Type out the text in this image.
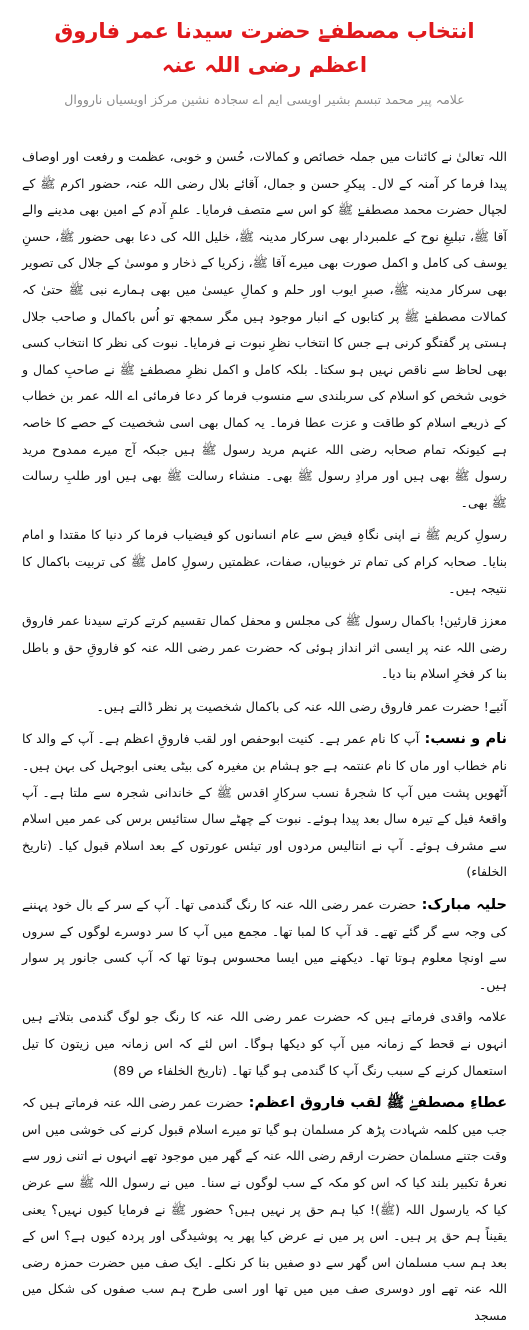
انتخاب مصطفےٰ حضرت سیدنا عمر فاروق اعظم رضی اللہ عنہ
علامہ پیر محمد تبسم بشیر اویسی ایم اے سجادہ نشین مرکز اویسیاں نارووال

اللہ تعالیٰ نے کائنات میں جملہ خصائص و کمالات، حُسن و خوبی، عظمت و رفعت اور اوصاف پیدا فرما کر آمنہ کے لال۔ پیکرِ حسن و جمال، آقائے بلال رضی اللہ عنہ، حضور اکرم ﷺ کے لجپال حضرت محمد مصطفےٰ ﷺ کو اس سے متصف فرمایا۔ علمِ آدم کے امین بھی مدینے والے آقا ﷺ، تبلیغِ نوح کے علمبردار بھی سرکار مدینہ ﷺ، خلیل اللہ کی دعا بھی حضور ﷺ، حسنِ یوسف کی کامل و اکمل صورت بھی میرے آقا ﷺ، زکریا کے ذخار و موسیٰ کے جلال کی تصویر بھی سرکار مدینہ ﷺ، صبرِ ایوب اور حلم و کمالِ عیسیٰ میں بھی ہمارے نبی ﷺ حتیٰ کہ کمالات مصطفےٰ ﷺ پر کتابوں کے انبار موجود ہیں مگر سمجھ تو اُس باکمال و صاحب جلال ہستی پر گفتگو کرنی ہے جس کا انتخاب نظرِ نبوت نے فرمایا۔ نبوت کی نظر کا انتخاب کسی بھی لحاظ سے ناقص نہیں ہو سکتا۔ بلکہ کامل و اکمل نظرِ مصطفےٰ ﷺ نے صاحبِ کمال و خوبی شخص کو اسلام کی سربلندی سے منسوب فرما کر دعا فرمائی اے اللہ عمر بن خطاب کے ذریعے اسلام کو طاقت و عزت عطا فرما۔ یہ کمال بھی اسی شخصیت کے حصے کا خاصہ ہے کیونکہ تمام صحابہ رضی اللہ عنہم مرید رسول ﷺ ہیں جبکہ آج میرے ممدوح مرید رسول ﷺ بھی ہیں اور مرادِ رسول ﷺ بھی۔ منشاء رسالت ﷺ بھی ہیں اور طلبِ رسالت ﷺ بھی۔

رسولِ کریم ﷺ نے اپنی نگاہِ فیض سے عام انسانوں کو فیضیاب فرما کر دنیا کا مقتدا و امام بنایا۔ صحابہ کرام کی تمام تر خوبیاں، صفات، عظمتیں رسولِ کامل ﷺ کی تربیت باکمال کا نتیجہ ہیں۔

معزز قارئین! باکمال رسول ﷺ کی مجلس و محفل کمال تقسیم کرتے کرتے سیدنا عمر فاروق رضی اللہ عنہ پر ایسی اثر انداز ہوئی کہ حضرت عمر رضی اللہ عنہ کو فاروقِ حق و باطل بنا کر فخرِ اسلام بنا دیا۔

آئیے! حضرت عمر فاروق رضی اللہ عنہ کی باکمال شخصیت پر نظر ڈالتے ہیں۔

نام و نسب: آپ کا نام عمر ہے۔ کنیت ابوحفص اور لقب فاروقِ اعظم ہے۔ آپ کے والد کا نام خطاب اور ماں کا نام عنتمہ ہے جو ہشام بن مغیرہ کی بیٹی یعنی ابوجہل کی بہن ہیں۔ آٹھویں پشت میں آپ کا شجرۂ نسب سرکارِ اقدس ﷺ کے خاندانی شجرہ سے ملتا ہے۔ آپ واقعۂ فیل کے تیرہ سال بعد پیدا ہوئے۔ نبوت کے چھٹے سال ستائیس برس کی عمر میں اسلام سے مشرف ہوئے۔ آپ نے انتالیس مردوں اور تیئس عورتوں کے بعد اسلام قبول کیا۔ (تاریخ الخلفاء)

حلیہ مبارک: حضرت عمر رضی اللہ عنہ کا رنگ گندمی تھا۔ آپ کے سر کے بال خود پہننے کی وجہ سے گر گئے تھے۔ قد آپ کا لمبا تھا۔ مجمع میں آپ کا سر دوسرے لوگوں کے سروں سے اونچا معلوم ہوتا تھا۔ دیکھنے میں ایسا محسوس ہوتا تھا کہ آپ کسی جانور پر سوار ہیں۔

علامہ واقدی فرماتے ہیں کہ حضرت عمر رضی اللہ عنہ کا رنگ جو لوگ گندمی بتلاتے ہیں انہوں نے قحط کے زمانہ میں آپ کو دیکھا ہوگا۔ اس لئے کہ اس زمانہ میں زیتون کا تیل استعمال کرنے کے سبب رنگ آپ کا گندمی ہو گیا تھا۔ (تاریخ الخلفاء ص 89)

عطاءِ مصطفےٰ ﷺ لقب فاروق اعظم: حضرت عمر رضی اللہ عنہ فرماتے ہیں کہ جب میں کلمہ شہادت پڑھ کر مسلمان ہو گیا تو میرے اسلام قبول کرنے کی خوشی میں اس وقت جتنے مسلمان حضرت ارقم رضی اللہ عنہ کے گھر میں موجود تھے انہوں نے اتنی زور سے نعرۂ تکبیر بلند کیا کہ اس کو مکہ کے سب لوگوں نے سنا۔ میں نے رسول اللہ ﷺ سے عرض کیا کہ یارسول اللہ (ﷺ)! کیا ہم حق پر نہیں ہیں؟ حضور ﷺ نے فرمایا کیوں نہیں؟ یعنی یقیناً ہم حق پر ہیں۔ اس پر میں نے عرض کیا پھر یہ پوشیدگی اور پردہ کیوں ہے؟ اس کے بعد ہم سب مسلمان اس گھر سے دو صفیں بنا کر نکلے۔ ایک صف میں حضرت حمزہ رضی اللہ عنہ تھے اور دوسری صف میں میں تھا اور اسی طرح ہم سب صفوں کی شکل میں مسجد
